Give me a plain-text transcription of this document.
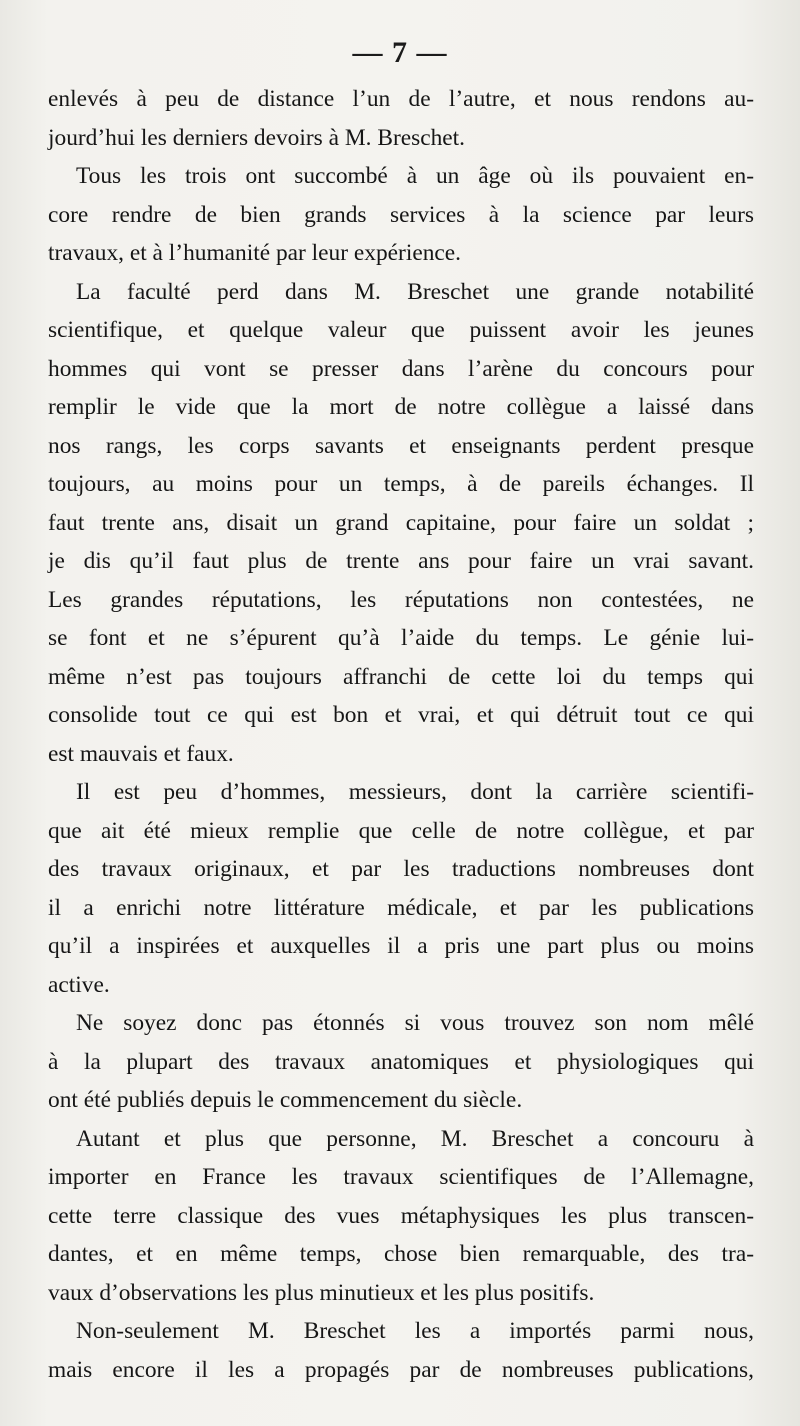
— 7 —
enlevés à peu de distance l’un de l’autre, et nous rendons au-
jourd’hui les derniers devoirs à M. Breschet.
Tous les trois ont succombé à un âge où ils pouvaient en-
core rendre de bien grands services à la science par leurs
travaux, et à l’humanité par leur expérience.
La faculté perd dans M. Breschet une grande notabilité
scientifique, et quelque valeur que puissent avoir les jeunes
hommes qui vont se presser dans l’arène du concours pour
remplir le vide que la mort de notre collègue a laissé dans
nos rangs, les corps savants et enseignants perdent presque
toujours, au moins pour un temps, à de pareils échanges. Il
faut trente ans, disait un grand capitaine, pour faire un soldat ;
je dis qu’il faut plus de trente ans pour faire un vrai savant.
Les grandes réputations, les réputations non contestées, ne
se font et ne s’épurent qu’à l’aide du temps. Le génie lui-
même n’est pas toujours affranchi de cette loi du temps qui
consolide tout ce qui est bon et vrai, et qui détruit tout ce qui
est mauvais et faux.
Il est peu d’hommes, messieurs, dont la carrière scientifi-
que ait été mieux remplie que celle de notre collègue, et par
des travaux originaux, et par les traductions nombreuses dont
il a enrichi notre littérature médicale, et par les publications
qu’il a inspirées et auxquelles il a pris une part plus ou moins
active.
Ne soyez donc pas étonnés si vous trouvez son nom mêlé
à la plupart des travaux anatomiques et physiologiques qui
ont été publiés depuis le commencement du siècle.
Autant et plus que personne, M. Breschet a concouru à
importer en France les travaux scientifiques de l’Allemagne,
cette terre classique des vues métaphysiques les plus transcen-
dantes, et en même temps, chose bien remarquable, des tra-
vaux d’observations les plus minutieux et les plus positifs.
Non-seulement M. Breschet les a importés parmi nous,
mais encore il les a propagés par de nombreuses publications,
